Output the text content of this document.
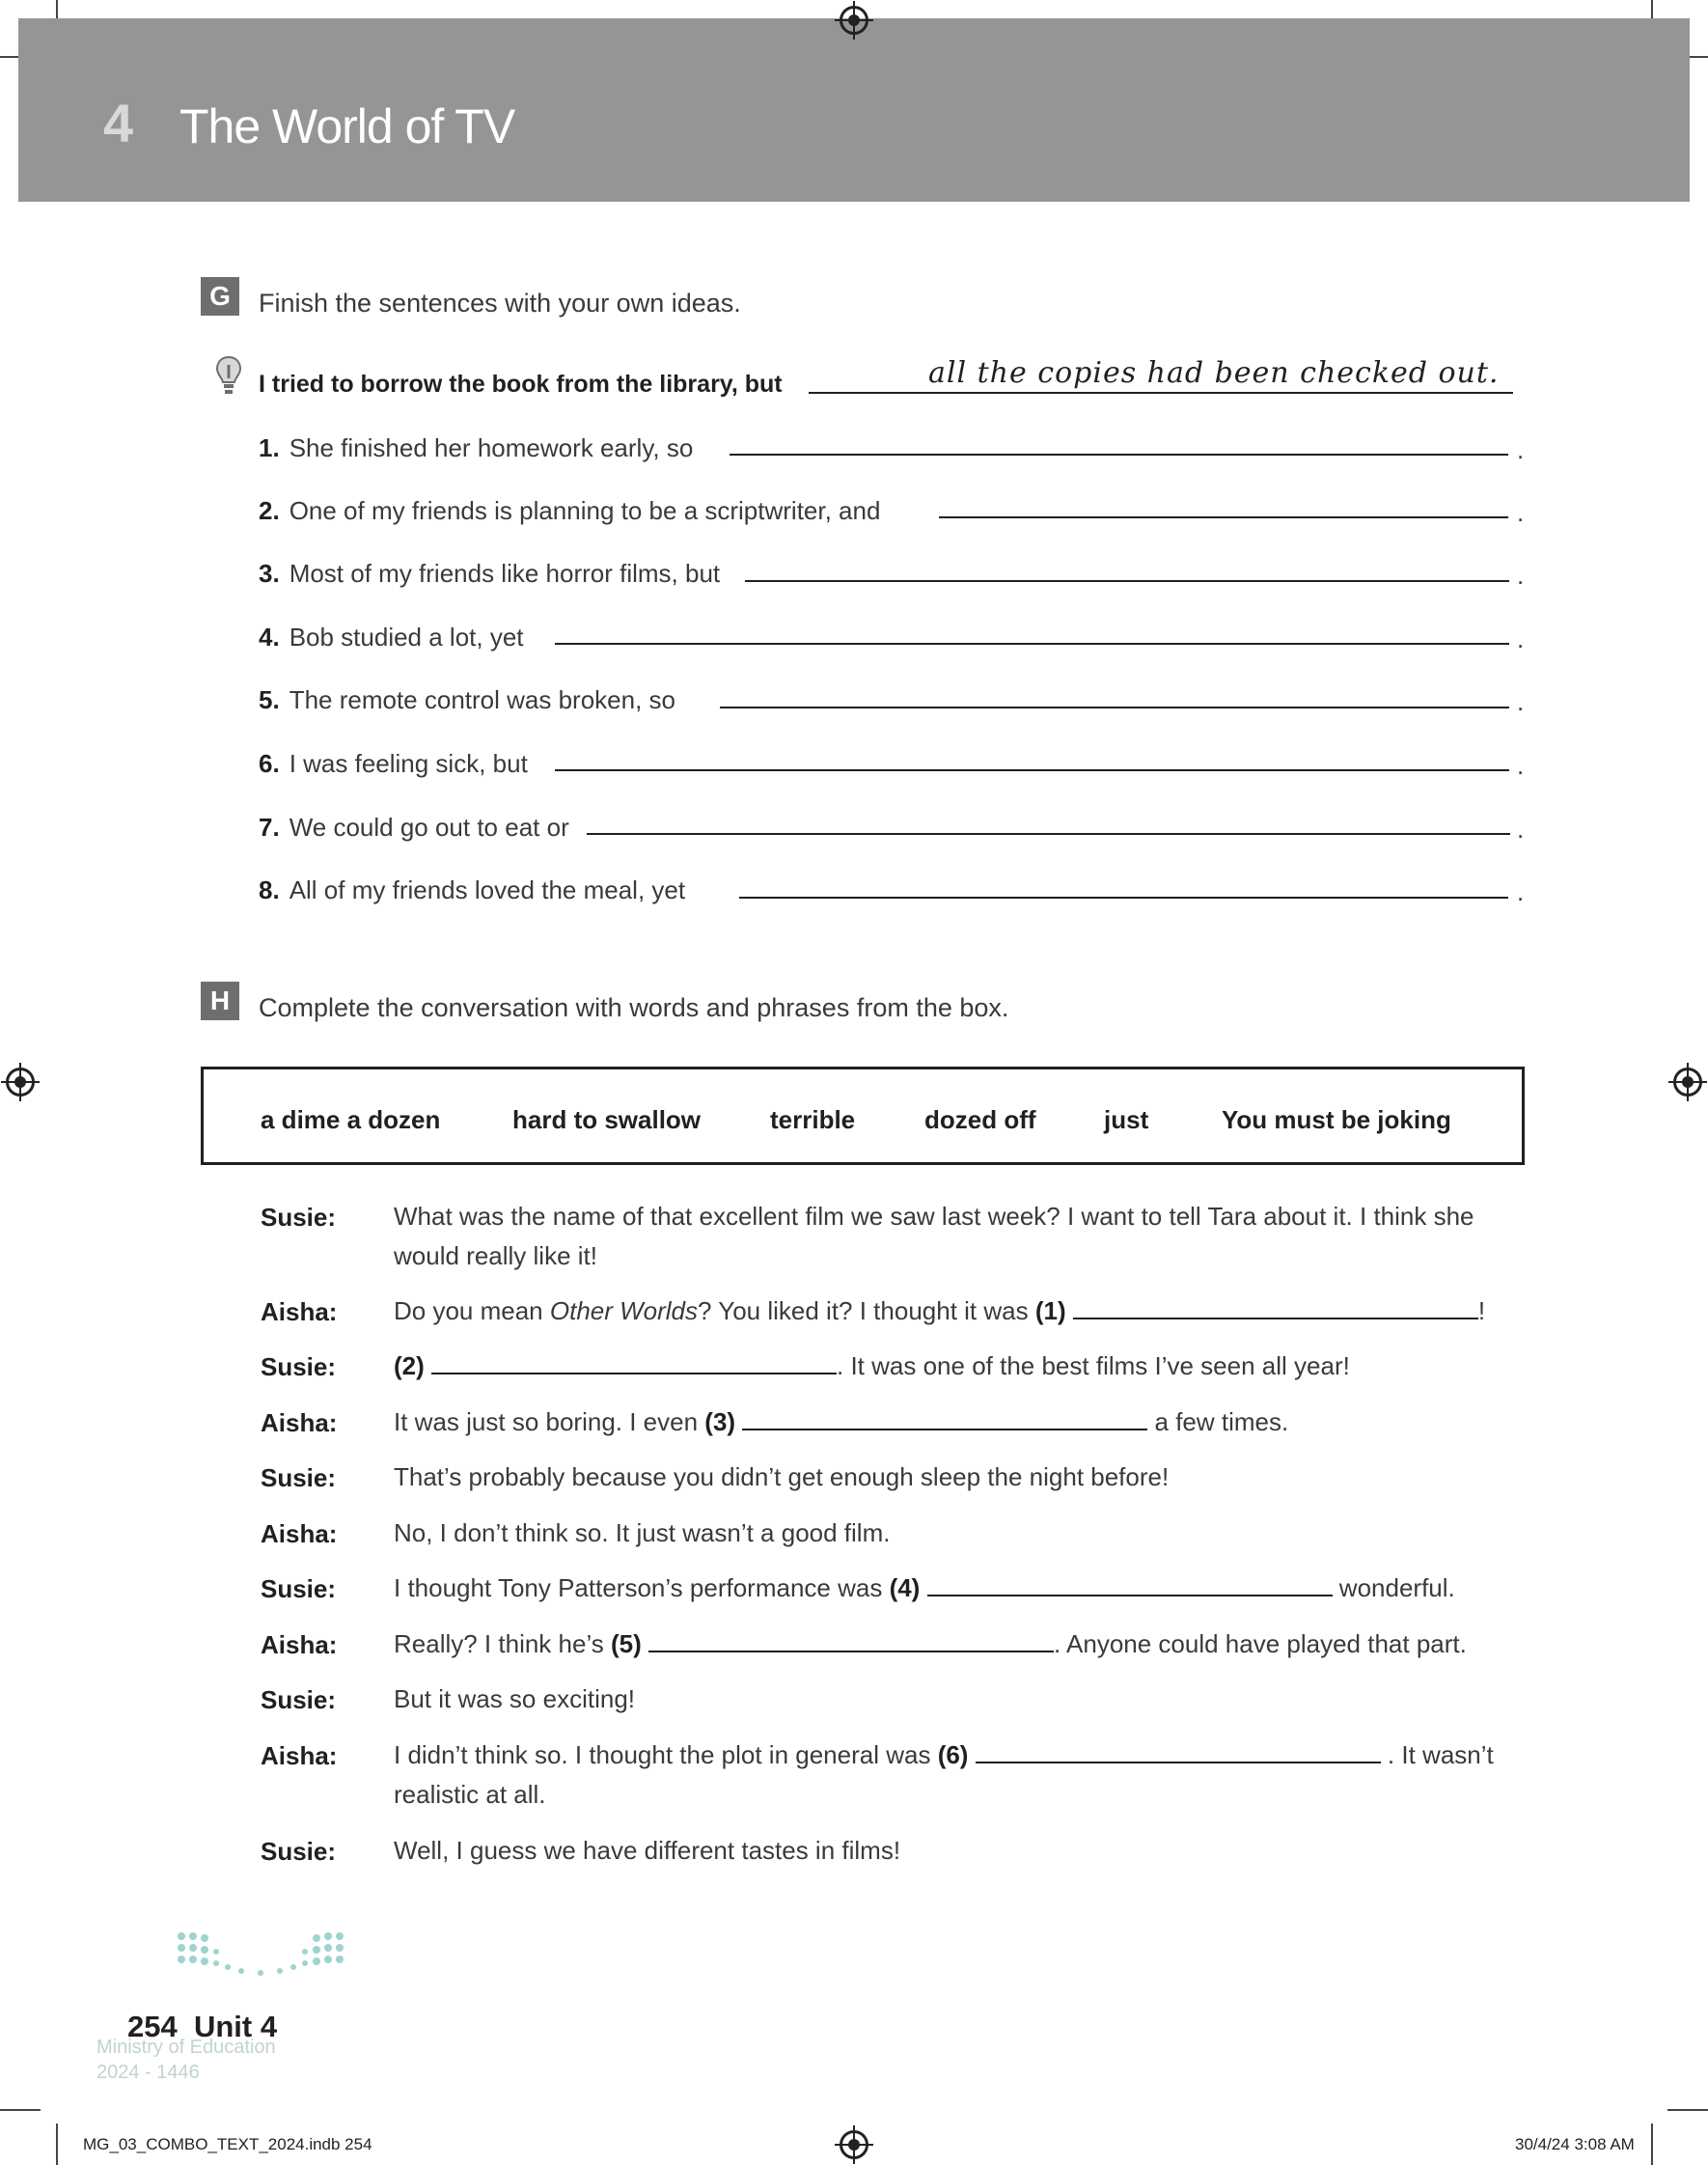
4 The World of TV
G	Finish the sentences with your own ideas.
I tried to borrow the book from the library, but	all the copies had been checked out.
1. She finished her homework early, so	.
2. One of my friends is planning to be a scriptwriter, and	.
3. Most of my friends like horror films, but	.
4. Bob studied a lot, yet	.
5. The remote control was broken, so	.
6. I was feeling sick, but	.
7. We could go out to eat or	.
8. All of my friends loved the meal, yet	.
H	Complete the conversation with words and phrases from the box.
a dime a dozen	hard to swallow	terrible	dozed off	just	You must be joking
Susie: What was the name of that excellent film we saw last week? I want to tell Tara about it. I think she would really like it!
Aisha: Do you mean Other Worlds? You liked it? I thought it was (1)	!
Susie: (2)	. It was one of the best films I’ve seen all year!
Aisha: It was just so boring. I even (3)	a few times.
Susie: That’s probably because you didn’t get enough sleep the night before!
Aisha: No, I don’t think so. It just wasn’t a good film.
Susie: I thought Tony Patterson’s performance was (4)	wonderful.
Aisha: Really? I think he’s (5)	. Anyone could have played that part.
Susie: But it was so exciting!
Aisha: I didn’t think so. I thought the plot in general was (6)	. It wasn’t realistic at all.
Susie: Well, I guess we have different tastes in films!
Ministry of Education
2024 - 1446
254 Unit 4
MG_03_COMBO_TEXT_2024.indb 254	30/4/24 3:08 AM
